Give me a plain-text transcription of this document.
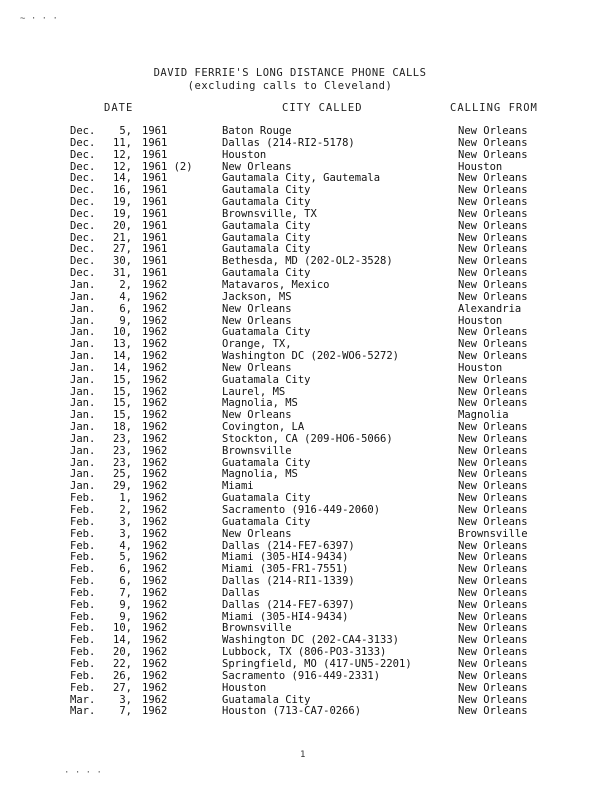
~ · · ·
DAVID FERRIE'S LONG DISTANCE PHONE CALLS
(excluding calls to Cleveland)
DATE	CITY CALLED	CALLING FROM
Dec.	5, 1961	Baton Rouge	New Orleans
Dec.	11, 1961	Dallas (214-RI2-5178)	New Orleans
Dec.	12, 1961	Houston	New Orleans
Dec.	12, 1961 (2)	New Orleans	Houston
Dec.	14, 1961	Gautamala City, Gautemala	New Orleans
Dec.	16, 1961	Gautamala City	New Orleans
Dec.	19, 1961	Gautamala City	New Orleans
Dec.	19, 1961	Brownsville, TX	New Orleans
Dec.	20, 1961	Gautamala City	New Orleans
Dec.	21, 1961	Gautamala City	New Orleans
Dec.	27, 1961	Gautamala City	New Orleans
Dec.	30, 1961	Bethesda, MD (202-OL2-3528)	New Orleans
Dec.	31, 1961	Gautamala City	New Orleans
Jan.	2, 1962	Matavaros, Mexico	New Orleans
Jan.	4, 1962	Jackson, MS	New Orleans
Jan.	6, 1962	New Orleans	Alexandria
Jan.	9, 1962	New Orleans	Houston
Jan.	10, 1962	Guatamala City	New Orleans
Jan.	13, 1962	Orange, TX,	New Orleans
Jan.	14, 1962	Washington DC (202-WO6-5272)	New Orleans
Jan.	14, 1962	New Orleans	Houston
Jan.	15, 1962	Guatamala City	New Orleans
Jan.	15, 1962	Laurel, MS	New Orleans
Jan.	15, 1962	Magnolia, MS	New Orleans
Jan.	15, 1962	New Orleans	Magnolia
Jan.	18, 1962	Covington, LA	New Orleans
Jan.	23, 1962	Stockton, CA (209-HO6-5066)	New Orleans
Jan.	23, 1962	Brownsville	New Orleans
Jan.	23, 1962	Guatamala City	New Orleans
Jan.	25, 1962	Magnolia, MS	New Orleans
Jan.	29, 1962	Miami	New Orleans
Feb.	1, 1962	Guatamala City	New Orleans
Feb.	2, 1962	Sacramento (916-449-2060)	New Orleans
Feb.	3, 1962	Guatamala City	New Orleans
Feb.	3, 1962	New Orleans	Brownsville
Feb.	4, 1962	Dallas (214-FE7-6397)	New Orleans
Feb.	5, 1962	Miami (305-HI4-9434)	New Orleans
Feb.	6, 1962	Miami (305-FR1-7551)	New Orleans
Feb.	6, 1962	Dallas (214-RI1-1339)	New Orleans
Feb.	7, 1962	Dallas	New Orleans
Feb.	9, 1962	Dallas (214-FE7-6397)	New Orleans
Feb.	9, 1962	Miami (305-HI4-9434)	New Orleans
Feb.	10, 1962	Brownsville	New Orleans
Feb.	14, 1962	Washington DC (202-CA4-3133)	New Orleans
Feb.	20, 1962	Lubbock, TX (806-PO3-3133)	New Orleans
Feb.	22, 1962	Springfield, MO (417-UN5-2201)	New Orleans
Feb.	26, 1962	Sacramento (916-449-2331)	New Orleans
Feb.	27, 1962	Houston	New Orleans
Mar.	3, 1962	Guatamala City	New Orleans
Mar.	7, 1962	Houston (713-CA7-0266)	New Orleans
1
· · · ·
